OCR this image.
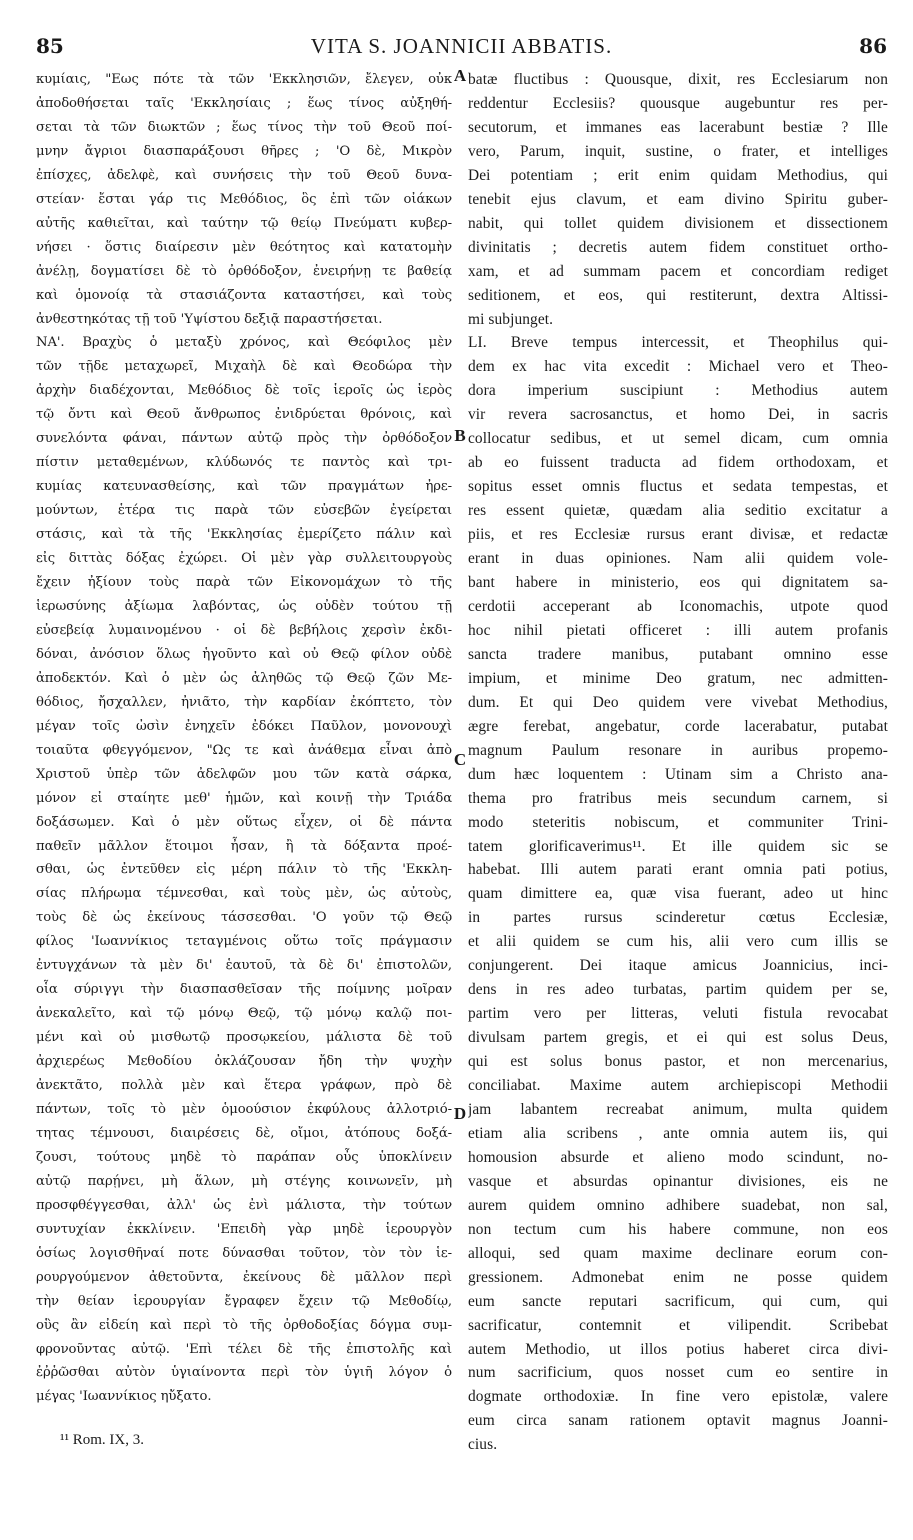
85	VITA S. JOANNICII ABBATIS.	86
κυμίαις, "Εως πότε τὰ τῶν 'Εκκλησιῶν, ἔλεγεν, οὐκ
ἀποδοθήσεται ταῖς 'Εκκλησίαις ; ἕως τίνος αὐξηθή-
σεται τὰ τῶν διωκτῶν ; ἕως τίνος τὴν τοῦ Θεοῦ ποί-
μνην ἄγριοι διασπαράξουσι θῆρες ; 'Ο δὲ, Μικρὸν
ἐπίσχες, ἀδελφὲ, καὶ συνήσεις τὴν τοῦ Θεοῦ δυνα-
στείαν· ἔσται γάρ τις Μεθόδιος, ὃς ἐπὶ τῶν οἰάκων
αὐτῆς καθιεῖται, καὶ ταύτην τῷ θείῳ Πνεύματι κυβερ-
νήσει · ὅστις διαίρεσιν μὲν θεότητος καὶ κατατομὴν
ἀνέλῃ, δογματίσει δὲ τὸ ὀρθόδοξον, ἐνειρήνῃ τε βαθείᾳ
καὶ ὁμονοίᾳ τὰ στασιάζοντα καταστήσει, καὶ τοὺς
ἀνθεστηκότας τῇ τοῦ 'Υψίστου δεξιᾷ παραστήσεται.
ΝΑ'. Βραχὺς ὁ μεταξὺ χρόνος, καὶ Θεόφιλος μὲν
τῶν τῇδε μεταχωρεῖ, Μιχαὴλ δὲ καὶ Θεοδώρα τὴν
ἀρχὴν διαδέχονται, Μεθόδιος δὲ τοῖς ἱεροῖς ὡς ἱερὸς
τῷ ὄντι καὶ Θεοῦ ἄνθρωπος ἐνιδρύεται θρόνοις, καὶ
συνελόντα φάναι, πάντων αὐτῷ πρὸς τὴν ὀρθόδοξον
πίστιν μεταθεμένων, κλύδωνός τε παντὸς καὶ τρι-
κυμίας κατευνασθείσης, καὶ τῶν πραγμάτων ἠρε-
μούντων, ἑτέρα τις παρὰ τῶν εὐσεβῶν ἐγείρεται
στάσις, καὶ τὰ τῆς 'Εκκλησίας ἐμερίζετο πάλιν καὶ
εἰς διττὰς δόξας ἐχώρει. Οἱ μὲν γὰρ συλλειτουργοὺς
ἔχειν ἠξίουν τοὺς παρὰ τῶν Εἰκονομάχων τὸ τῆς
ἱερωσύνης ἀξίωμα λαβόντας, ὡς οὐδὲν τούτου τῇ
εὐσεβείᾳ λυμαινομένου · οἱ δὲ βεβήλοις χερσὶν ἐκδι-
δόναι, ἀνόσιον ὅλως ἡγοῦντο καὶ οὐ Θεῷ φίλον οὐδὲ
ἀποδεκτόν. Καὶ ὁ μὲν ὡς ἀληθῶς τῷ Θεῷ ζῶν Με-
θόδιος, ἤσχαλλεν, ἠνιᾶτο, τὴν καρδίαν ἐκόπτετο, τὸν
μέγαν τοῖς ὠσὶν ἐνηχεῖν ἐδόκει Παῦλον, μονονουχὶ
τοιαῦτα φθεγγόμενον, "Ως τε καὶ ἀνάθεμα εἶναι ἀπὸ
Χριστοῦ ὑπὲρ τῶν ἀδελφῶν μου τῶν κατὰ σάρκα,
μόνον εἰ σταίητε μεθ' ἡμῶν, καὶ κοινῇ τὴν Τριάδα
δοξάσωμεν. Καὶ ὁ μὲν οὕτως εἶχεν, οἱ δὲ πάντα
παθεῖν μᾶλλον ἕτοιμοι ἦσαν, ἢ τὰ δόξαντα προέ-
σθαι, ὡς ἐντεῦθεν εἰς μέρη πάλιν τὸ τῆς 'Εκκλη-
σίας πλήρωμα τέμνεσθαι, καὶ τοὺς μὲν, ὡς αὐτοὺς,
τοὺς δὲ ὡς ἐκείνους τάσσεσθαι. 'Ο γοῦν τῷ Θεῷ
φίλος 'Ιωαννίκιος τεταγμένοις οὕτω τοῖς πράγμασιν
ἐντυγχάνων τὰ μὲν δι' ἑαυτοῦ, τὰ δὲ δι' ἐπιστολῶν,
οἷα σύριγγι τὴν διασπασθεῖσαν τῆς ποίμνης μοῖραν
ἀνεκαλεῖτο, καὶ τῷ μόνῳ Θεῷ, τῷ μόνῳ καλῷ ποι-
μένι καὶ οὐ μισθωτῷ προσῳκείου, μάλιστα δὲ τοῦ
ἀρχιερέως Μεθοδίου ὀκλάζουσαν ἤδη τὴν ψυχὴν
ἀνεκτᾶτο, πολλὰ μὲν καὶ ἕτερα γράφων, πρὸ δὲ
πάντων, τοῖς τὸ μὲν ὁμοούσιον ἐκφύλους ἀλλοτριό-
τητας τέμνουσι, διαιρέσεις δὲ, οἴμοι, ἀτόπους δοξά-
ζουσι, τούτους μηδὲ τὸ παράπαν οὖς ὑποκλίνειν
αὐτῷ παρῄνει, μὴ ἅλων, μὴ στέγης κοινωνεῖν, μὴ
προσφθέγγεσθαι, ἀλλ' ὡς ἐνὶ μάλιστα, τὴν τούτων
συντυχίαν ἐκκλίνειν. 'Επειδὴ γὰρ μηδὲ ἱερουργὸν
ὁσίως λογισθῆναί ποτε δύνασθαι τοῦτον, τὸν τὸν ἱε-
ρουργούμενον ἀθετοῦντα, ἐκείνους δὲ μᾶλλον περὶ
τὴν θείαν ἱερουργίαν ἔγραφεν ἔχειν τῷ Μεθοδίῳ,
οὓς ἂν εἰδείη καὶ περὶ τὸ τῆς ὀρθοδοξίας δόγμα συμ-
φρονοῦντας αὐτῷ. 'Επὶ τέλει δὲ τῆς ἐπιστολῆς καὶ
ἐῤῥῶσθαι αὐτὸν ὑγιαίνοντα περὶ τὸν ὑγιῆ λόγον ὁ
μέγας 'Ιωαννίκιος ηὔξατο.
batæ fluctibus : Quousque, dixit, res Ecclesiarum non
reddentur Ecclesiis? quousque augebuntur res per-
secutorum, et immanes eas lacerabunt bestiæ ? Ille
vero, Parum, inquit, sustine, o frater, et intelliges
Dei potentiam ; erit enim quidam Methodius, qui
tenebit ejus clavum, et eam divino Spiritu guber-
nabit, qui tollet quidem divisionem et dissectionem
divinitatis ; decretis autem fidem constituet ortho-
xam, et ad summam pacem et concordiam rediget
seditionem, et eos, qui restiterunt, dextra Altissi-
mi subjunget.
LI. Breve tempus intercessit, et Theophilus qui-
dem ex hac vita excedit : Michael vero et Theo-
dora imperium suscipiunt : Methodius autem
vir revera sacrosanctus, et homo Dei, in sacris
collocatur sedibus, et ut semel dicam, cum omnia
ab eo fuissent traducta ad fidem orthodoxam, et
sopitus esset omnis fluctus et sedata tempestas, et
res essent quietæ, quædam alia seditio excitatur a
piis, et res Ecclesiæ rursus erant divisæ, et redactæ
erant in duas opiniones. Nam alii quidem vole-
bant habere in ministerio, eos qui dignitatem sa-
cerdotii acceperant ab Iconomachis, utpote quod
hoc nihil pietati officeret : illi autem profanis
sancta tradere manibus, putabant omnino esse
impium, et minime Deo gratum, nec admitten-
dum. Et qui Deo quidem vere vivebat Methodius,
ægre ferebat, angebatur, corde lacerabatur, putabat
magnum Paulum resonare in auribus propemo-
dum hæc loquentem : Utinam sim a Christo ana-
thema pro fratribus meis secundum carnem, si
modo steteritis nobiscum, et communiter Trini-
tatem glorificaverimus¹¹. Et ille quidem sic se
habebat. Illi autem parati erant omnia pati potius,
quam dimittere ea, quæ visa fuerant, adeo ut hinc
in partes rursus scinderetur cœtus Ecclesiæ,
et alii quidem se cum his, alii vero cum illis se
conjungerent. Dei itaque amicus Joannicius, inci-
dens in res adeo turbatas, partim quidem per se,
partim vero per litteras, veluti fistula revocabat
divulsam partem gregis, et ei qui est solus Deus,
qui est solus bonus pastor, et non mercenarius,
conciliabat. Maxime autem archiepiscopi Methodii
jam labantem recreabat animum, multa quidem
etiam alia scribens , ante omnia autem iis, qui
homousion absurde et alieno modo scindunt, no-
vasque et absurdas opinantur divisiones, eis ne
aurem quidem omnino adhibere suadebat, non sal,
non tectum cum his habere commune, non eos
alloqui, sed quam maxime declinare eorum con-
gressionem. Admonebat enim ne posse quidem
eum sancte reputari sacrificum, qui cum, qui
sacrificatur, contemnit et vilipendit. Scribebat
autem Methodio, ut illos potius haberet circa divi-
num sacrificium, quos nosset cum eo sentire in
dogmate orthodoxiæ. In fine vero epistolæ, valere
eum circa sanam rationem optavit magnus Joanni-
cius.
A
B
C
D
¹¹ Rom. IX, 3.
